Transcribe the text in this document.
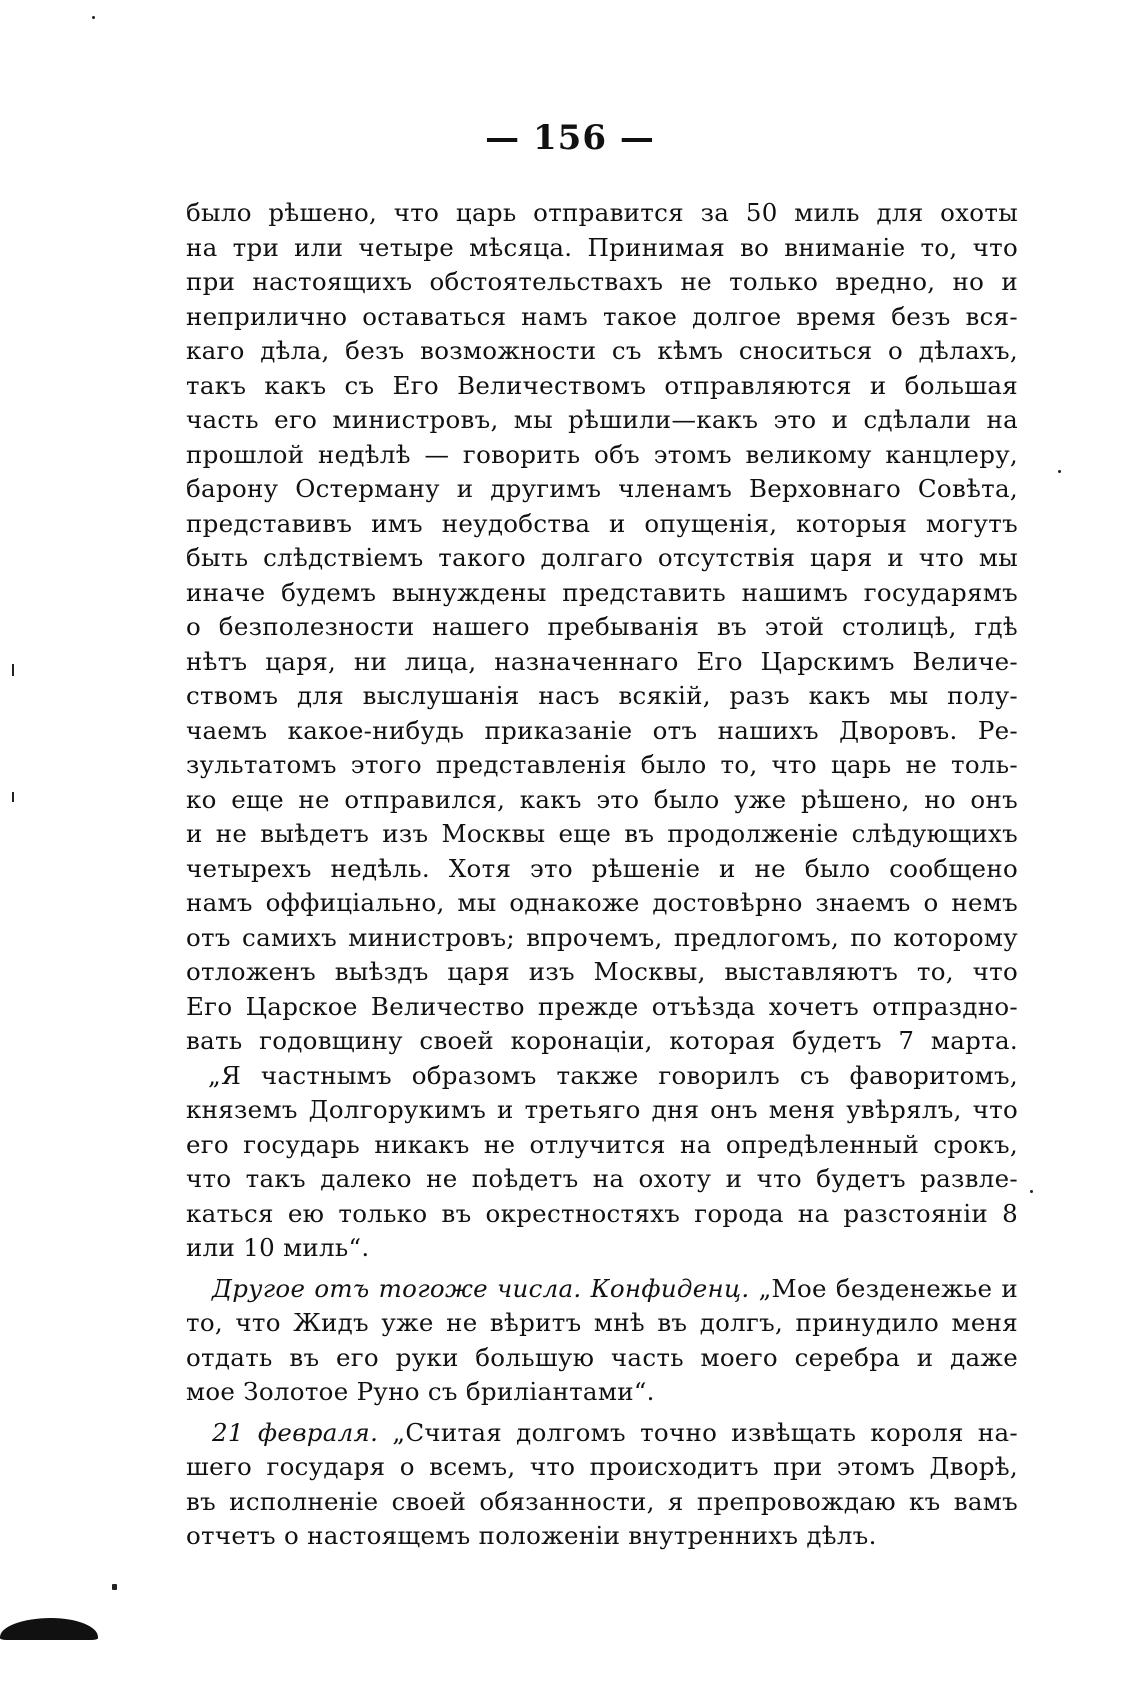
— 156 —
было рѣшено, что царь отправится за 50 миль для охоты
на три или четыре мѣсяца. Принимая во вниманіе то, что
при настоящихъ обстоятельствахъ не только вредно, но и
неприлично оставаться намъ такое долгое время безъ вся-
каго дѣла, безъ возможности съ кѣмъ сноситься о дѣлахъ,
такъ какъ съ Его Величествомъ отправляются и большая
часть его министровъ, мы рѣшили—какъ это и сдѣлали на
прошлой недѣлѣ — говорить объ этомъ великому канцлеру,
барону Остерману и другимъ членамъ Верховнаго Совѣта,
представивъ имъ неудобства и опущенія, которыя могутъ
быть слѣдствіемъ такого долгаго отсутствія царя и что мы
иначе будемъ вынуждены представить нашимъ государямъ
о безполезности нашего пребыванія въ этой столицѣ, гдѣ
нѣтъ царя, ни лица, назначеннаго Его Царскимъ Величе-
ствомъ для выслушанія насъ всякій, разъ какъ мы полу-
чаемъ какое-нибудь приказаніе отъ нашихъ Дворовъ. Ре-
зультатомъ этого представленія было то, что царь не толь-
ко еще не отправился, какъ это было уже рѣшено, но онъ
и не выѣдетъ изъ Москвы еще въ продолженіе слѣдующихъ
четырехъ недѣль. Хотя это рѣшеніе и не было сообщено
намъ оффиціально, мы однакоже достовѣрно знаемъ о немъ
отъ самихъ министровъ; впрочемъ, предлогомъ, по которому
отложенъ выѣздъ царя изъ Москвы, выставляютъ то, что
Его Царское Величество прежде отъѣзда хочетъ отпраздно-
вать годовщину своей коронаціи, которая будетъ 7 марта.
„Я частнымъ образомъ также говорилъ съ фаворитомъ,
княземъ Долгорукимъ и третьяго дня онъ меня увѣрялъ, что
его государь никакъ не отлучится на опредѣленный срокъ,
что такъ далеко не поѣдетъ на охоту и что будетъ развле-
каться ею только въ окрестностяхъ города на разстояніи 8
или 10 миль“.
Другое отъ тогоже числа. Конфиденц. „Мое безденежье и
то, что Жидъ уже не вѣритъ мнѣ въ долгъ, принудило меня
отдать въ его руки большую часть моего серебра и даже
мое Золотое Руно съ бриліантами“.
21 февраля. „Считая долгомъ точно извѣщать короля на-
шего государя о всемъ, что происходитъ при этомъ Дворѣ,
въ исполненіе своей обязанности, я препровождаю къ вамъ
отчетъ о настоящемъ положеніи внутреннихъ дѣлъ.
